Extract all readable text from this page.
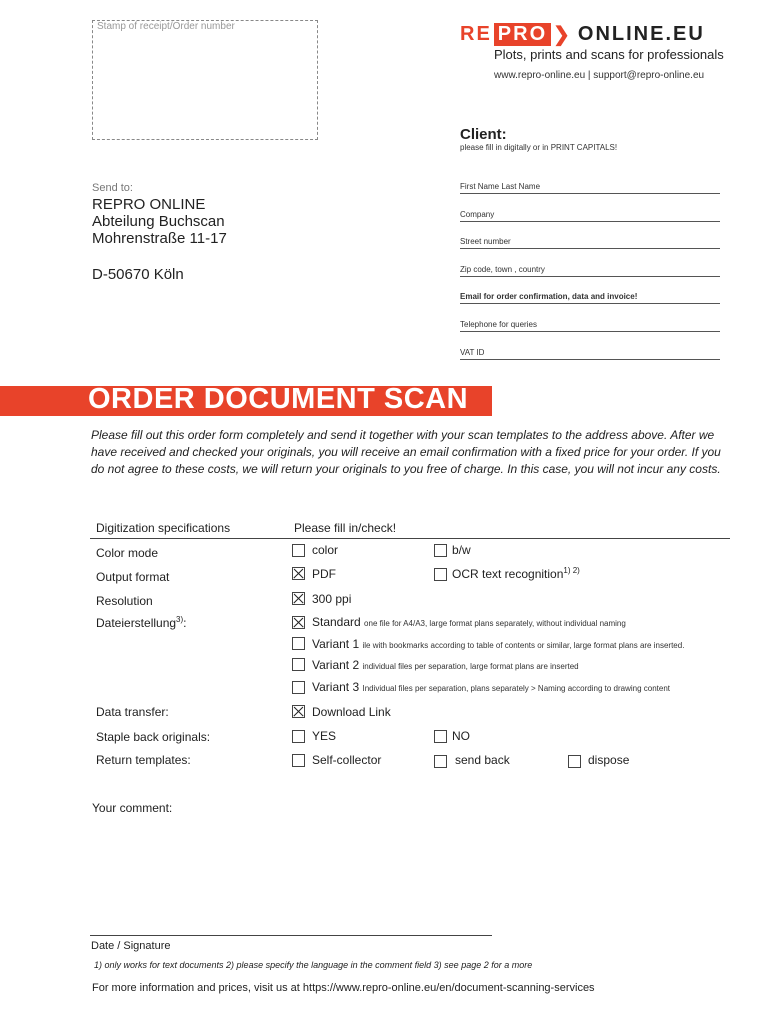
Stamp of receipt/Order number	RE PRO ❯ ONLINE.EU
Plots, prints and scans for professionals
www.repro-online.eu | support@repro-online.eu
Client:
please fill in digitally or in PRINT CAPITALS!
First Name Last Name
Company
Street number
Zip code, town , country
Email for order confirmation, data and invoice!
Telephone for queries
VAT ID
Send to:
REPRO ONLINE
Abteilung Buchscan
Mohrenstraße 11-17
D-50670 Köln
ORDER DOCUMENT SCAN
Please fill out this order form completely and send it together with your scan templates to the address above. After we have received and checked your originals, you will receive an email confirmation with a fixed price for your order. If you do not agree to these costs, we will return your originals to you free of charge. In this case, you will not incur any costs.
Digitization specifications	Please fill in/check!
Color mode	color	b/w
Output format	PDF	OCR text recognition$^{1) 2)}$
Resolution	300 ppi
Dateierstellung$^{3)}$:	Standard one file for A4/A3, large format plans separately, without individual naming
Variant 1 ile with bookmarks according to table of contents or similar, large format plans are inserted.
Variant 2 individual files per separation, large format plans are inserted
Variant 3 Individual files per separation, plans separately > Naming according to drawing content
Data transfer:	Download Link
Staple back originals:	YES	NO
Return templates:	Self-collector	send back	dispose
Your comment:
Date / Signature
1) only works for text documents 2) please specify the language in the comment field 3) see page 2 for a more
For more information and prices, visit us at https://www.repro-online.eu/en/document-scanning-services
